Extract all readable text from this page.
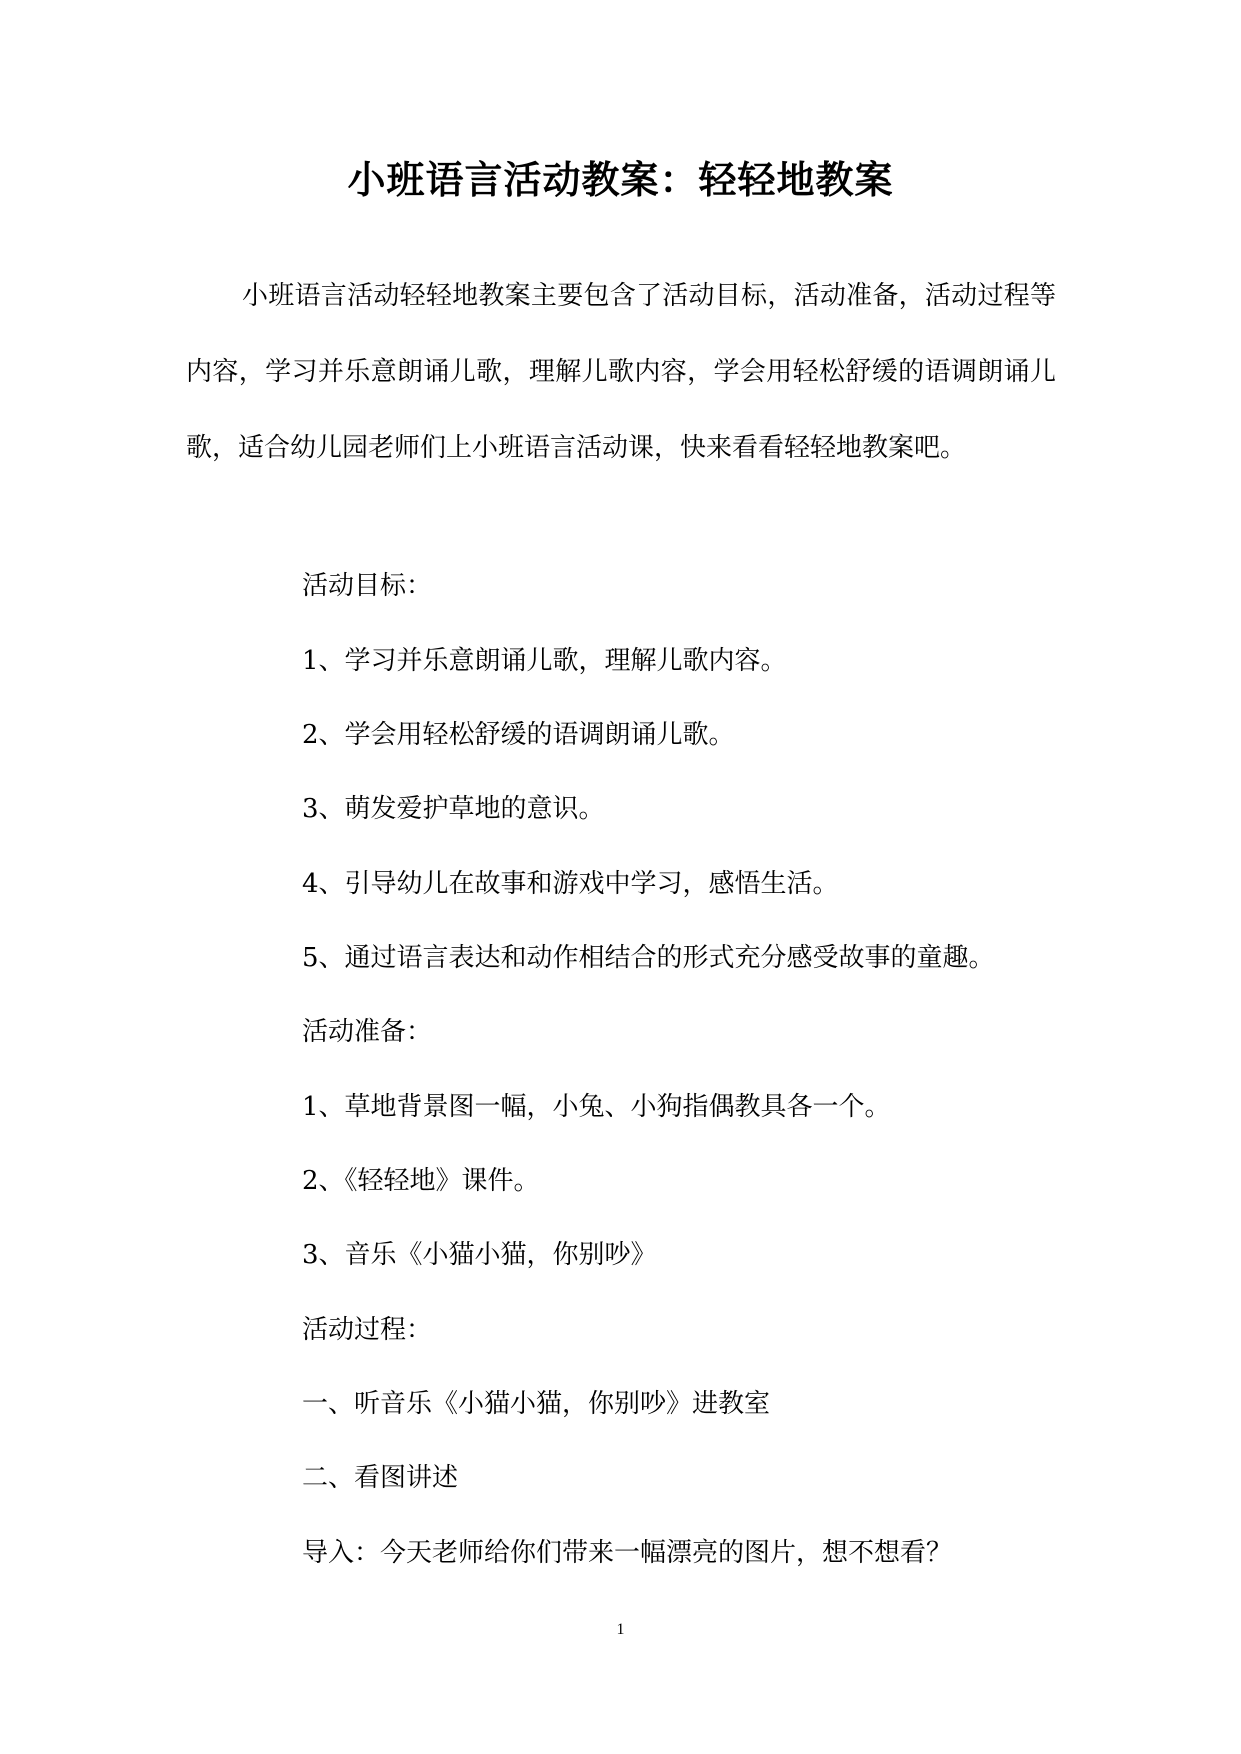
小班语言活动教案：轻轻地教案

小班语言活动轻轻地教案主要包含了活动目标，活动准备，活动过程等内容，学习并乐意朗诵儿歌，理解儿歌内容，学会用轻松舒缓的语调朗诵儿歌，适合幼儿园老师们上小班语言活动课，快来看看轻轻地教案吧。

活动目标：

1、学习并乐意朗诵儿歌，理解儿歌内容。

2、学会用轻松舒缓的语调朗诵儿歌。

3、萌发爱护草地的意识。

4、引导幼儿在故事和游戏中学习，感悟生活。

5、通过语言表达和动作相结合的形式充分感受故事的童趣。

活动准备：

1、草地背景图一幅，小兔、小狗指偶教具各一个。

2、《轻轻地》课件。

3、音乐《小猫小猫，你别吵》

活动过程：

一、听音乐《小猫小猫，你别吵》进教室

二、看图讲述

导入：今天老师给你们带来一幅漂亮的图片，想不想看？

1
